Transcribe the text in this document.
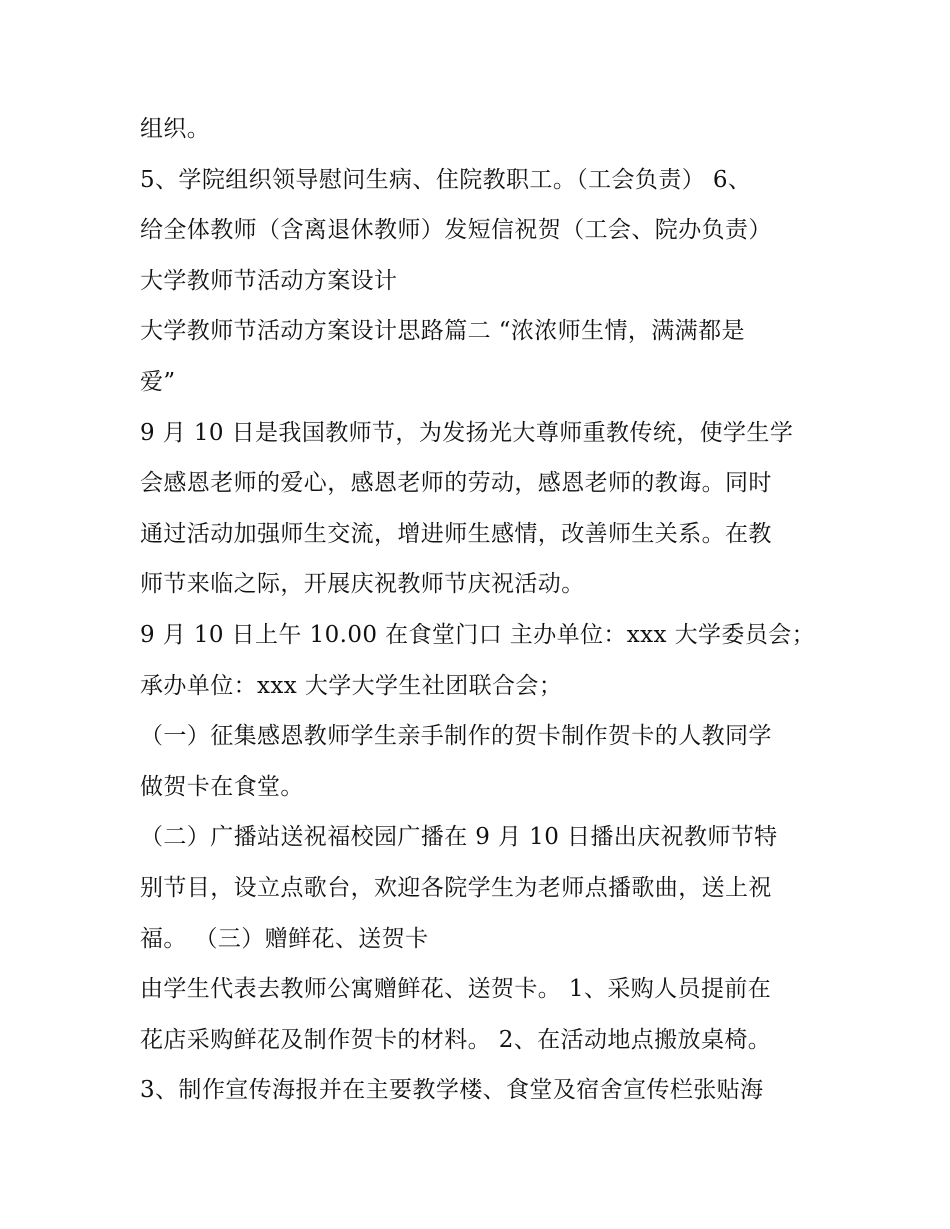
组织。
5、学院组织领导慰问生病、住院教职工。（工会负责） 6、
给全体教师（含离退休教师）发短信祝贺（工会、院办负责）
大学教师节活动方案设计
大学教师节活动方案设计思路篇二 “浓浓师生情，满满都是
爱”
9 月 10 日是我国教师节，为发扬光大尊师重教传统，使学生学
会感恩老师的爱心，感恩老师的劳动，感恩老师的教诲。同时
通过活动加强师生交流，增进师生感情，改善师生关系。在教
师节来临之际，开展庆祝教师节庆祝活动。
9 月 10 日上午 10.00 在食堂门口 主办单位：xxx 大学委员会；
承办单位：xxx 大学大学生社团联合会；
（一）征集感恩教师学生亲手制作的贺卡制作贺卡的人教同学
做贺卡在食堂。
（二）广播站送祝福校园广播在 9 月 10 日播出庆祝教师节特
别节目，设立点歌台，欢迎各院学生为老师点播歌曲，送上祝
福。 （三）赠鲜花、送贺卡
由学生代表去教师公寓赠鲜花、送贺卡。 1、采购人员提前在
花店采购鲜花及制作贺卡的材料。 2、在活动地点搬放桌椅。
3、制作宣传海报并在主要教学楼、食堂及宿舍宣传栏张贴海
